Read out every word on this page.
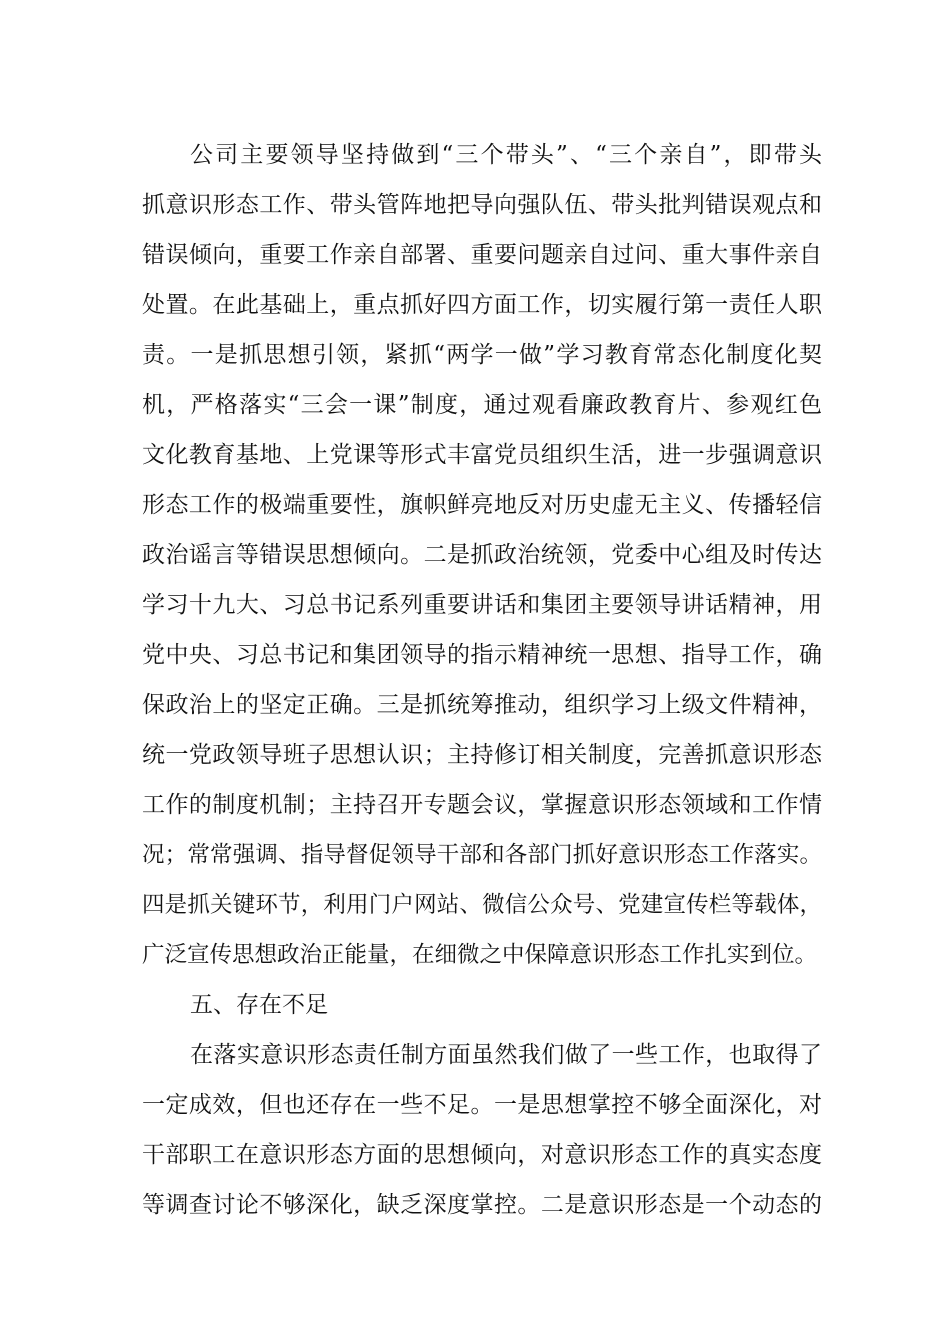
公司主要领导坚持做到“三个带头”、“三个亲自”，即带头
抓意识形态工作、带头管阵地把导向强队伍、带头批判错误观点和
错误倾向，重要工作亲自部署、重要问题亲自过问、重大事件亲自
处置。在此基础上，重点抓好四方面工作，切实履行第一责任人职
责。一是抓思想引领，紧抓“两学一做”学习教育常态化制度化契
机，严格落实“三会一课”制度，通过观看廉政教育片、参观红色
文化教育基地、上党课等形式丰富党员组织生活，进一步强调意识
形态工作的极端重要性，旗帜鲜亮地反对历史虚无主义、传播轻信
政治谣言等错误思想倾向。二是抓政治统领，党委中心组及时传达
学习十九大、习总书记系列重要讲话和集团主要领导讲话精神，用
党中央、习总书记和集团领导的指示精神统一思想、指导工作，确
保政治上的坚定正确。三是抓统筹推动，组织学习上级文件精神，
统一党政领导班子思想认识；主持修订相关制度，完善抓意识形态
工作的制度机制；主持召开专题会议，掌握意识形态领域和工作情
况；常常强调、指导督促领导干部和各部门抓好意识形态工作落实。
四是抓关键环节，利用门户网站、微信公众号、党建宣传栏等载体，
广泛宣传思想政治正能量，在细微之中保障意识形态工作扎实到位。
五、存在不足
在落实意识形态责任制方面虽然我们做了一些工作，也取得了
一定成效，但也还存在一些不足。一是思想掌控不够全面深化，对
干部职工在意识形态方面的思想倾向，对意识形态工作的真实态度
等调查讨论不够深化，缺乏深度掌控。二是意识形态是一个动态的
